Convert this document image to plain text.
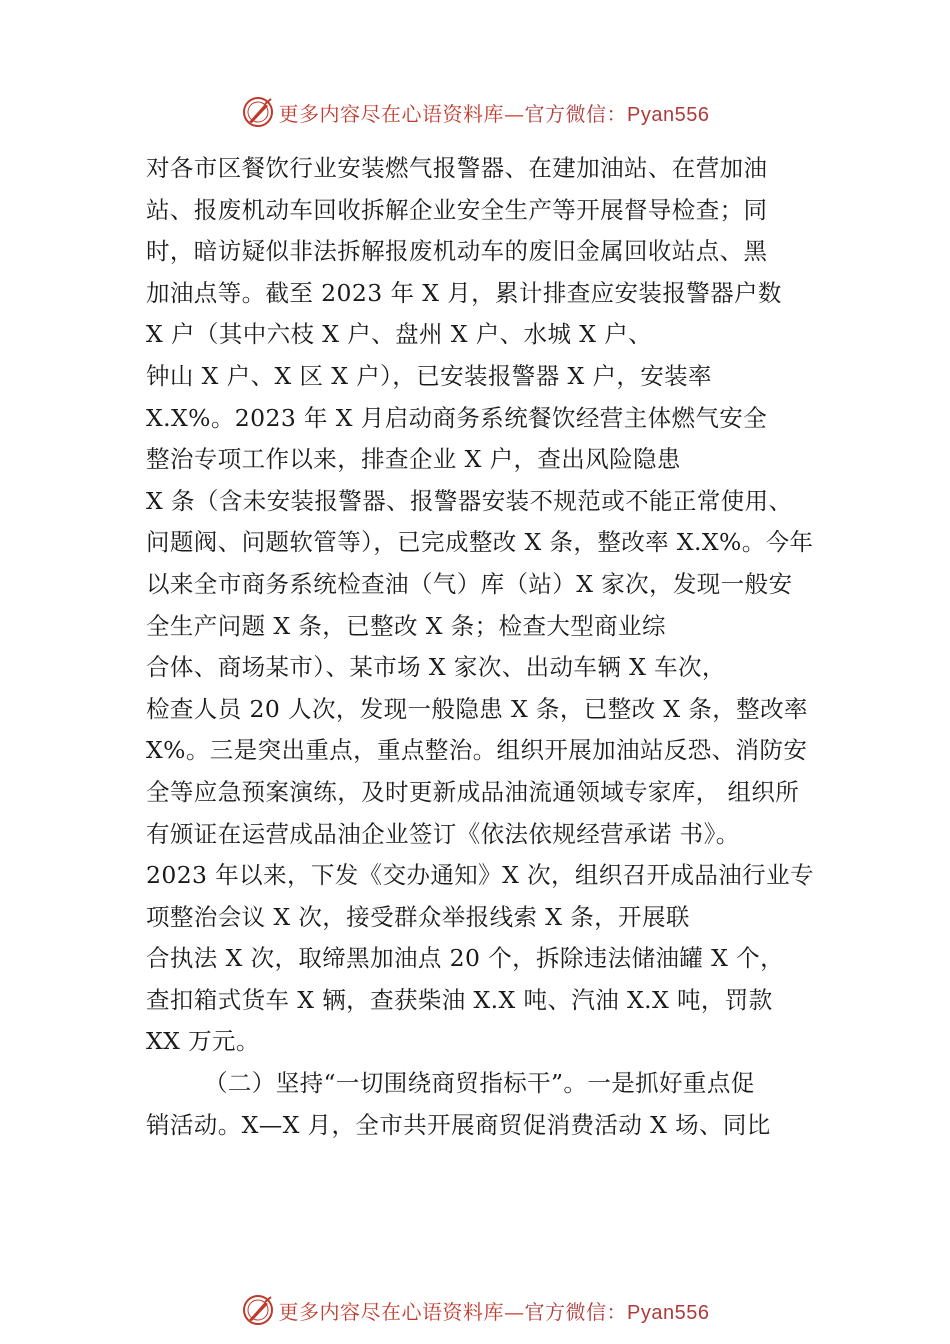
更多内容尽在心语资料库—官方微信：Pyan556
对各市区餐饮行业安装燃气报警器、在建加油站、在营加油
站、报废机动车回收拆解企业安全生产等开展督导检查；同
时，暗访疑似非法拆解报废机动车的废旧金属回收站点、黑
加油点等。截至 2023 年 X 月，累计排查应安装报警器户数
X 户（其中六枝 X 户、盘州 X 户、水城 X 户、
钟山 X 户、X 区 X 户），已安装报警器 X 户，安装率
X.X%。2023 年 X 月启动商务系统餐饮经营主体燃气安全
整治专项工作以来，排查企业 X 户，查出风险隐患
X 条（含未安装报警器、报警器安装不规范或不能正常使用、
问题阀、问题软管等），已完成整改 X 条，整改率 X.X%。今年
以来全市商务系统检查油（气）库（站）X 家次，发现一般安
全生产问题 X 条，已整改 X 条；检查大型商业综
合体、商场某市）、某市场 X 家次、出动车辆 X 车次，
检查人员 20 人次，发现一般隐患 X 条，已整改 X 条，整改率
X%。三是突出重点，重点整治。组织开展加油站反恐、消防安
全等应急预案演练，及时更新成品油流通领域专家库， 组织所
有颁证在运营成品油企业签订《依法依规经营承诺 书》。
2023 年以来，下发《交办通知》X 次，组织召开成品油行业专
项整治会议 X 次，接受群众举报线索 X 条，开展联
合执法 X 次，取缔黑加油点 20 个，拆除违法储油罐 X 个，
查扣箱式货车 X 辆，查获柴油 X.X 吨、汽油 X.X 吨，罚款
XX 万元。
（二）坚持“一切围绕商贸指标干”。一是抓好重点促
销活动。X—X 月，全市共开展商贸促消费活动 X 场、同比
更多内容尽在心语资料库—官方微信：Pyan556
